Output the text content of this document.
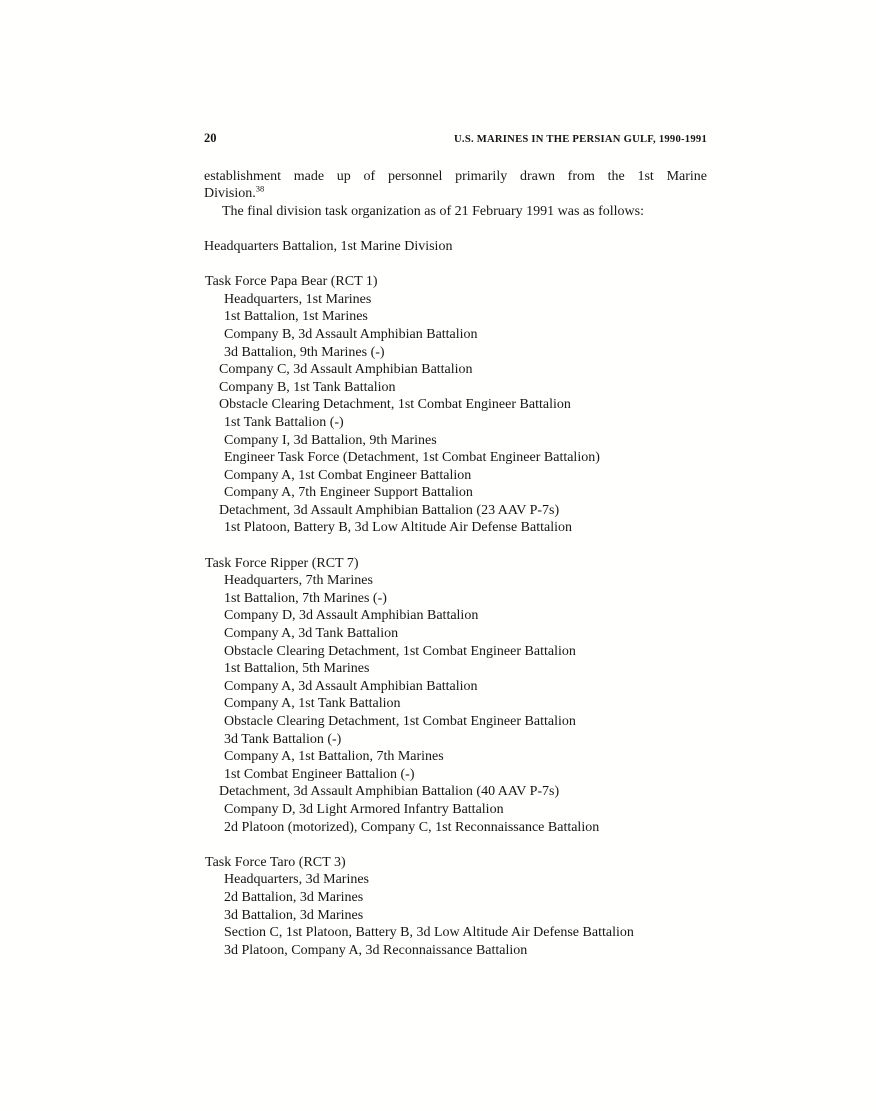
20	U.S. MARINES IN THE PERSIAN GULF, 1990-1991

establishment made up of personnel primarily drawn from the 1st Marine
Division.$^{38}$

The final division task organization as of 21 February 1991 was as follows:

Headquarters Battalion, 1st Marine Division
Task Force Papa Bear (RCT 1)
Headquarters, 1st Marines
1st Battalion, 1st Marines
Company B, 3d Assault Amphibian Battalion
3d Battalion, 9th Marines (-)
Company C, 3d Assault Amphibian Battalion
Company B, 1st Tank Battalion
Obstacle Clearing Detachment, 1st Combat Engineer Battalion
1st Tank Battalion (-)
Company I, 3d Battalion, 9th Marines
Engineer Task Force (Detachment, 1st Combat Engineer Battalion)
Company A, 1st Combat Engineer Battalion
Company A, 7th Engineer Support Battalion
Detachment, 3d Assault Amphibian Battalion (23 AAV P-7s)
1st Platoon, Battery B, 3d Low Altitude Air Defense Battalion
Task Force Ripper (RCT 7)
Headquarters, 7th Marines
1st Battalion, 7th Marines (-)
Company D, 3d Assault Amphibian Battalion
Company A, 3d Tank Battalion
Obstacle Clearing Detachment, 1st Combat Engineer Battalion
1st Battalion, 5th Marines
Company A, 3d Assault Amphibian Battalion
Company A, 1st Tank Battalion
Obstacle Clearing Detachment, 1st Combat Engineer Battalion
3d Tank Battalion (-)
Company A, 1st Battalion, 7th Marines
1st Combat Engineer Battalion (-)
Detachment, 3d Assault Amphibian Battalion (40 AAV P-7s)
Company D, 3d Light Armored Infantry Battalion
2d Platoon (motorized), Company C, 1st Reconnaissance Battalion
Task Force Taro (RCT 3)
Headquarters, 3d Marines
2d Battalion, 3d Marines
3d Battalion, 3d Marines
Section C, 1st Platoon, Battery B, 3d Low Altitude Air Defense Battalion
3d Platoon, Company A, 3d Reconnaissance Battalion
